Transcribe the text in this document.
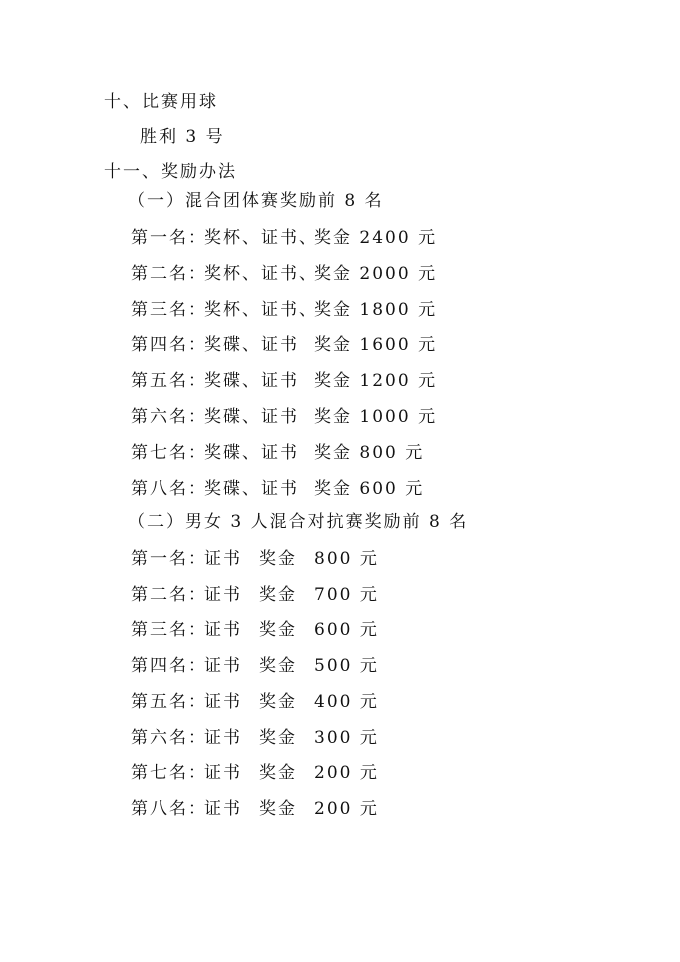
十、比赛用球
胜利 3 号
十一、奖励办法
（一）混合团体赛奖励前 8 名
第一名：
奖杯、证书、
奖金 2400 元
第二名：
奖杯、证书、
奖金 2000 元
第三名：
奖杯、证书、
奖金 1800 元
第四名：
奖碟、证书 奖金 1600 元
第五名：
奖碟、证书 奖金 1200 元
第六名：
奖碟、证书 奖金 1000 元
第七名：
奖碟、证书 奖金 800 元
第八名：
奖碟、证书 奖金 600 元
（二）男女 3 人混合对抗赛奖励前 8 名
第一名：
证书 奖金 800 元
第二名：
证书 奖金 700 元
第三名：
证书 奖金 600 元
第四名：
证书 奖金 500 元
第五名：
证书 奖金 400 元
第六名：
证书 奖金 300 元
第七名：
证书 奖金 200 元
第八名：
证书 奖金 200 元
